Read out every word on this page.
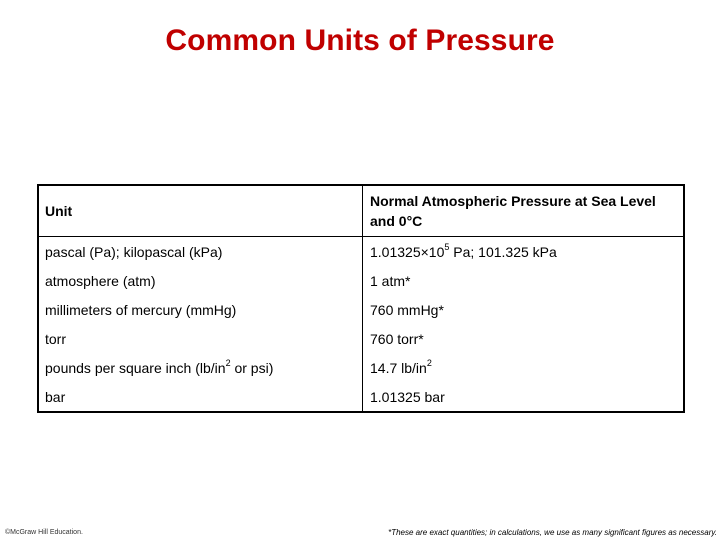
Common Units of Pressure
Unit	Normal Atmospheric Pressure at Sea Level and 0°C
pascal (Pa); kilopascal (kPa)	$1.01325\times 10^5$ Pa; 101.325 kPa
atmosphere (atm)	1 atm*
millimeters of mercury (mmHg)	760 mmHg*
torr	760 torr*
pounds per square inch ($lb/in^2$ or psi)	14.7 $lb/in^2$
bar	1.01325 bar
©McGraw Hill Education.	*These are exact quantities; in calculations, we use as many significant figures as necessary.
